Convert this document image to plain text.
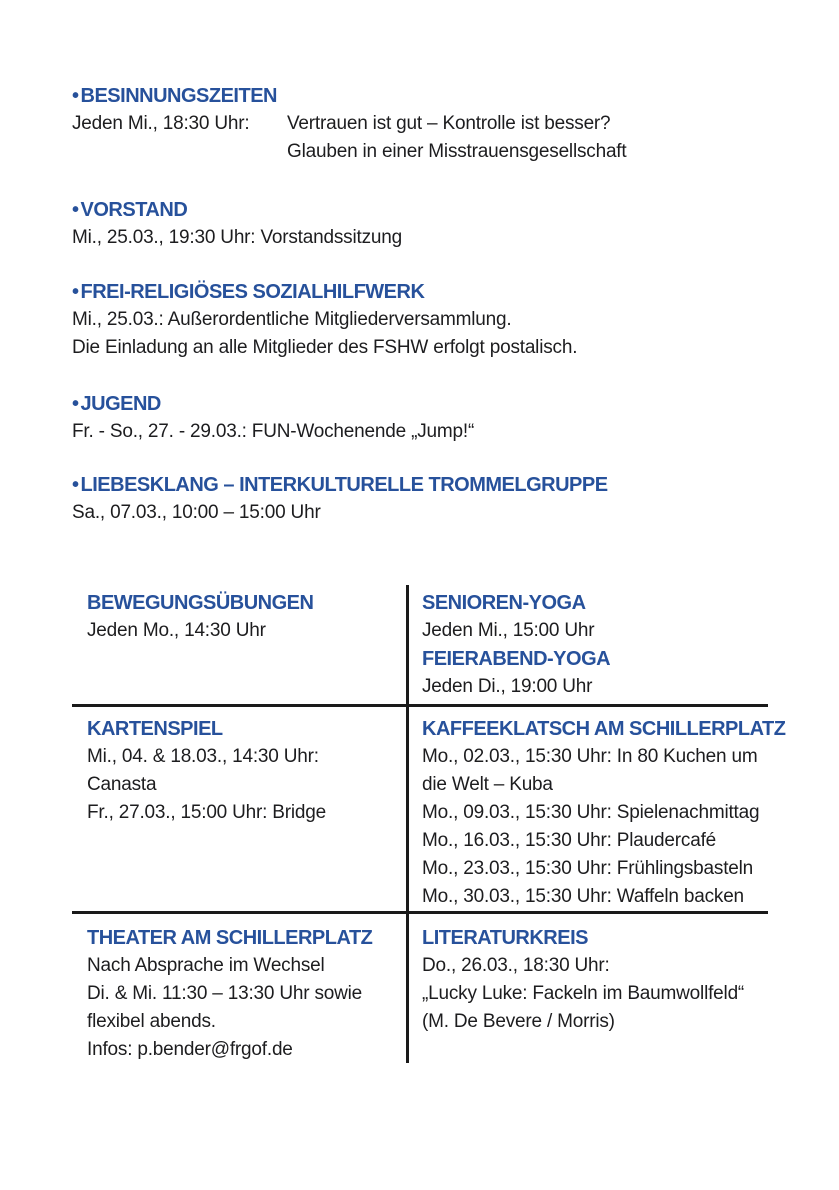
• BESINNUNGSZEITEN
Jeden Mi., 18:30 Uhr: Vertrauen ist gut – Kontrolle ist besser?
Glauben in einer Misstrauensgesellschaft
• VORSTAND
Mi., 25.03., 19:30 Uhr: Vorstandssitzung
• FREI-RELIGIÖSES SOZIALHILFWERK
Mi., 25.03.: Außerordentliche Mitgliederversammlung.
Die Einladung an alle Mitglieder des FSHW erfolgt postalisch.
• JUGEND
Fr. - So., 27. - 29.03.: FUN-Wochenende „Jump!“
• LIEBESKLANG – INTERKULTURELLE TROMMELGRUPPE
Sa., 07.03., 10:00 – 15:00 Uhr
BEWEGUNGSÜBUNGEN
Jeden Mo., 14:30 Uhr
SENIOREN-YOGA
Jeden Mi., 15:00 Uhr
FEIERABEND-YOGA
Jeden Di., 19:00 Uhr
KARTENSPIEL
Mi., 04. & 18.03., 14:30 Uhr:
Canasta
Fr., 27.03., 15:00 Uhr: Bridge
KAFFEEKLATSCH AM SCHILLERPLATZ
Mo., 02.03., 15:30 Uhr: In 80 Kuchen um
die Welt – Kuba
Mo., 09.03., 15:30 Uhr: Spielenachmittag
Mo., 16.03., 15:30 Uhr: Plaudercafé
Mo., 23.03., 15:30 Uhr: Frühlingsbasteln
Mo., 30.03., 15:30 Uhr: Waffeln backen
THEATER AM SCHILLERPLATZ
Nach Absprache im Wechsel
Di. & Mi. 11:30 – 13:30 Uhr sowie
flexibel abends.
Infos: p.bender@frgof.de
LITERATURKREIS
Do., 26.03., 18:30 Uhr:
„Lucky Luke: Fackeln im Baumwollfeld“
(M. De Bevere / Morris)
